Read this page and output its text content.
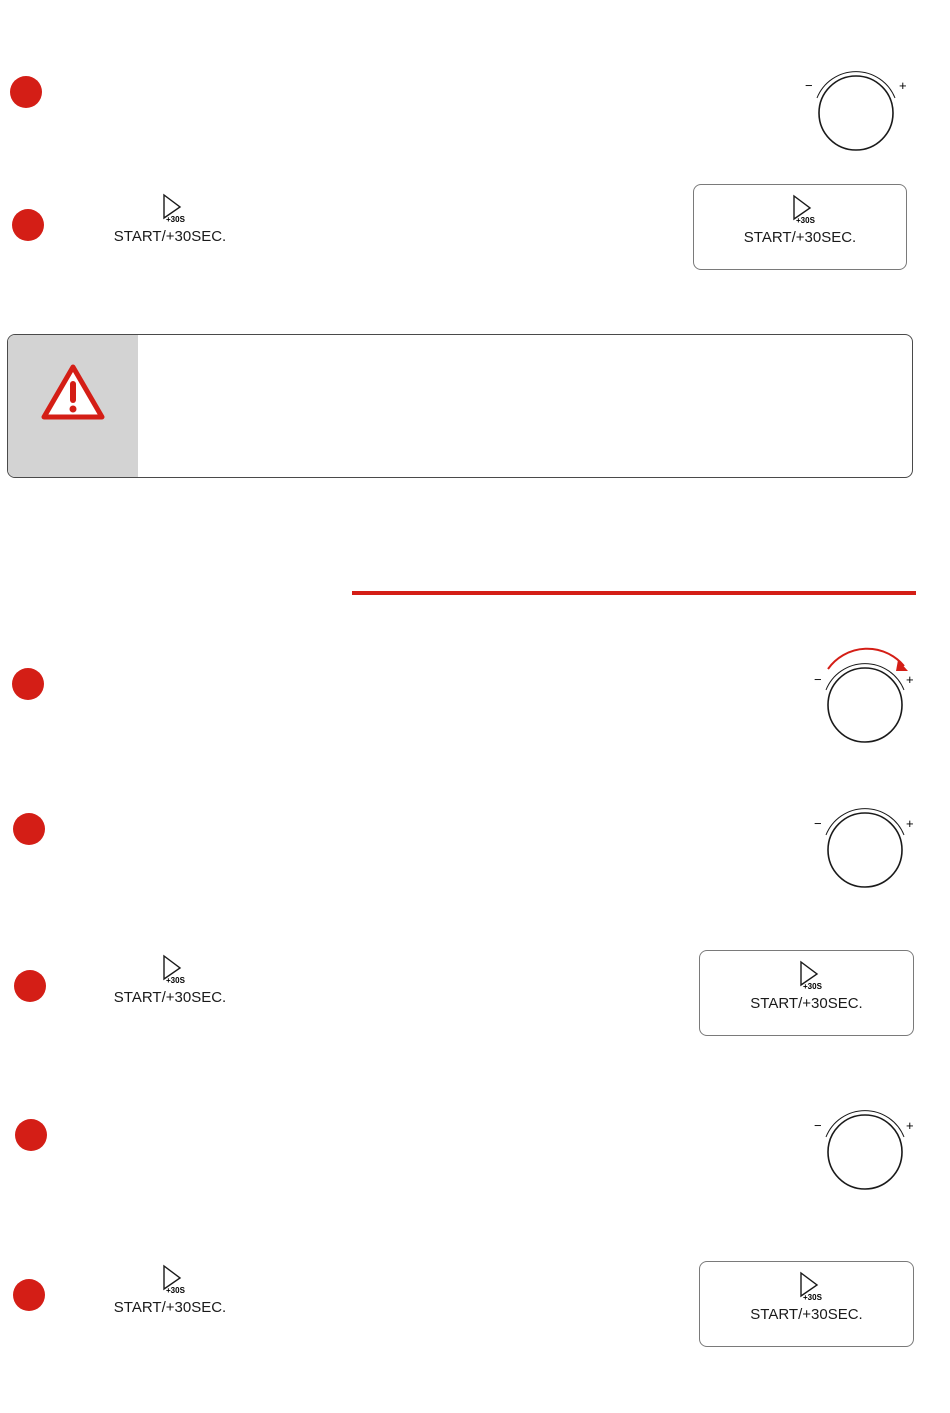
−	+
+30S
START/+30SEC.
+30S
START/+30SEC.
−	+
−	+
+30S
START/+30SEC.
+30S
START/+30SEC.
−	+
+30S
START/+30SEC.
+30S
START/+30SEC.
